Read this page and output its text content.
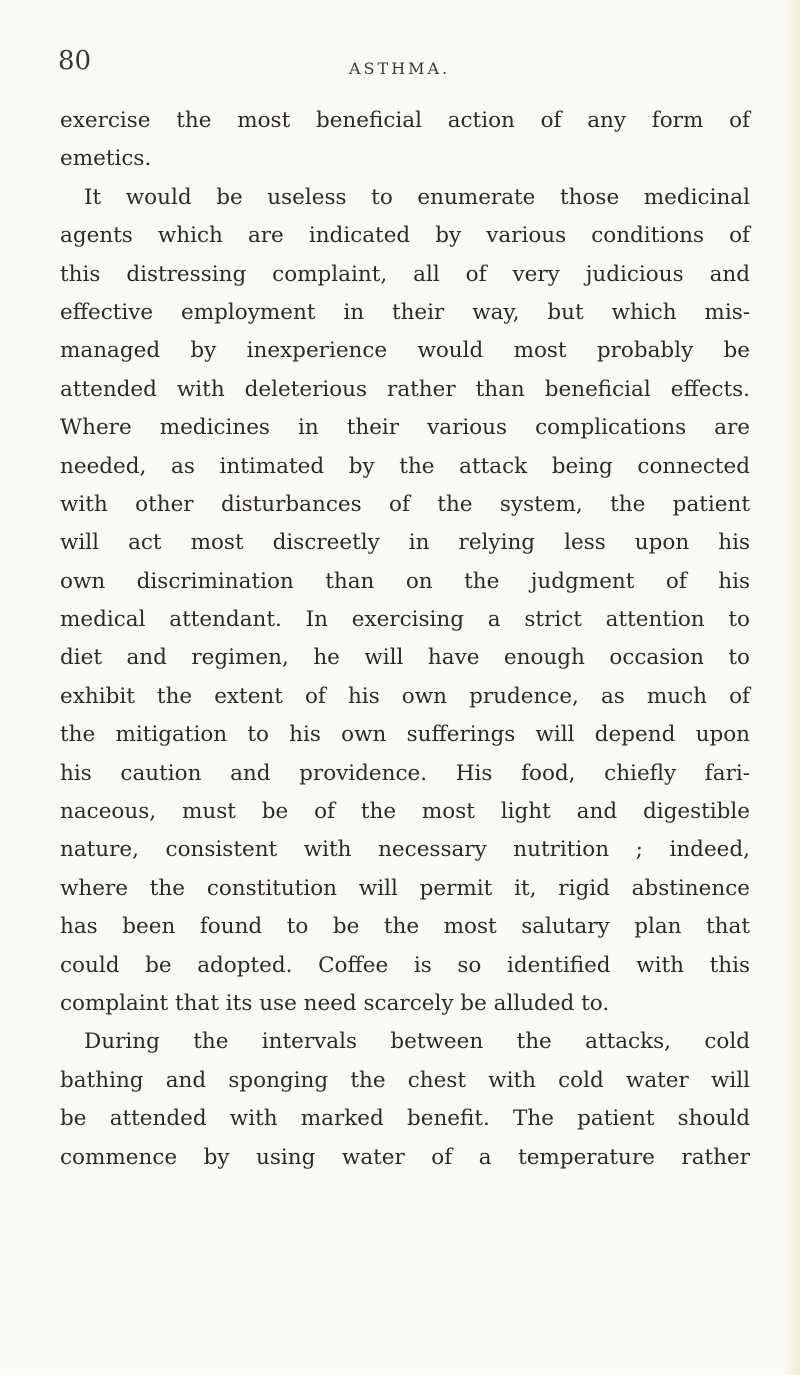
80	ASTHMA.
exercise the most beneficial action of any form of
emetics.
It would be useless to enumerate those medicinal
agents which are indicated by various conditions of
this distressing complaint, all of very judicious and
effective employment in their way, but which mis-
managed by inexperience would most probably be
attended with deleterious rather than beneficial effects.
Where medicines in their various complications are
needed, as intimated by the attack being connected
with other disturbances of the system, the patient
will act most discreetly in relying less upon his
own discrimination than on the judgment of his
medical attendant. In exercising a strict attention to
diet and regimen, he will have enough occasion to
exhibit the extent of his own prudence, as much of
the mitigation to his own sufferings will depend upon
his caution and providence. His food, chiefly fari-
naceous, must be of the most light and digestible
nature, consistent with necessary nutrition ; indeed,
where the constitution will permit it, rigid abstinence
has been found to be the most salutary plan that
could be adopted. Coffee is so identified with this
complaint that its use need scarcely be alluded to.
During the intervals between the attacks, cold
bathing and sponging the chest with cold water will
be attended with marked benefit. The patient should
commence by using water of a temperature rather
